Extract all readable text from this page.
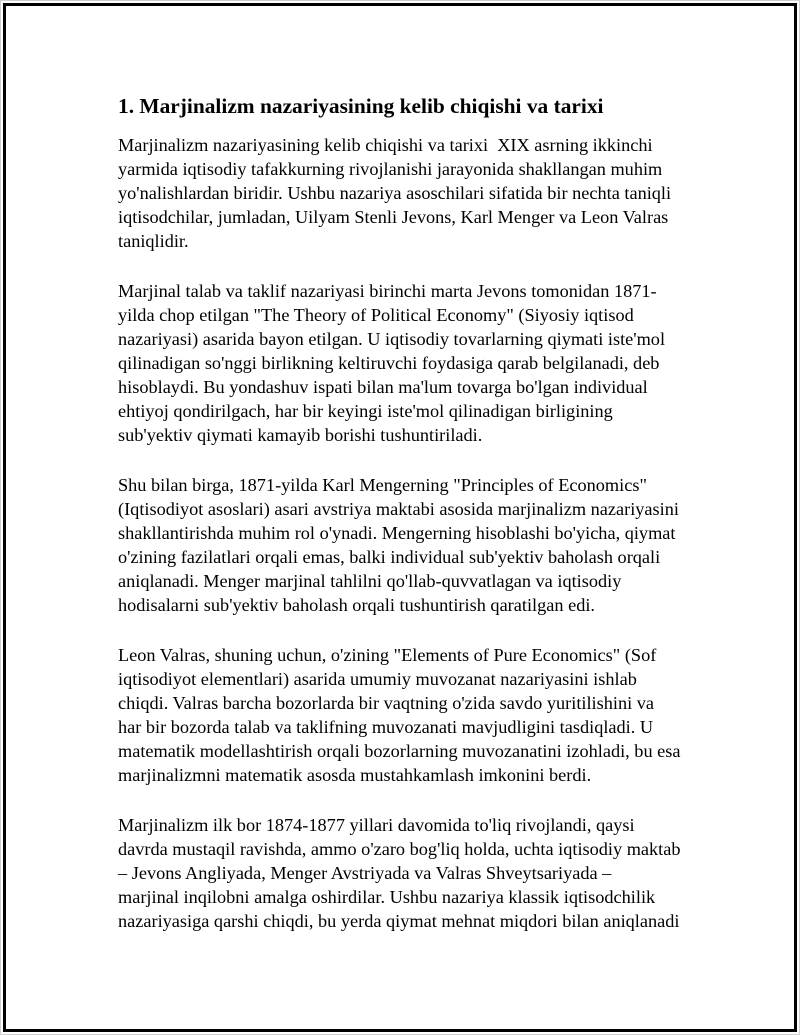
1. Marjinalizm nazariyasining kelib chiqishi va tarixi
Marjinalizm nazariyasining kelib chiqishi va tarixi  XIX asrning ikkinchi
yarmida iqtisodiy tafakkurning rivojlanishi jarayonida shakllangan muhim
yo'nalishlardan biridir. Ushbu nazariya asoschilari sifatida bir nechta taniqli
iqtisodchilar, jumladan, Uilyam Stenli Jevons, Karl Menger va Leon Valras
taniqlidir.
Marjinal talab va taklif nazariyasi birinchi marta Jevons tomonidan 1871-
yilda chop etilgan "The Theory of Political Economy" (Siyosiy iqtisod
nazariyasi) asarida bayon etilgan. U iqtisodiy tovarlarning qiymati iste'mol
qilinadigan so'nggi birlikning keltiruvchi foydasiga qarab belgilanadi, deb
hisoblaydi. Bu yondashuv ispati bilan ma'lum tovarga bo'lgan individual
ehtiyoj qondirilgach, har bir keyingi iste'mol qilinadigan birligining
sub'yektiv qiymati kamayib borishi tushuntiriladi.
Shu bilan birga, 1871-yilda Karl Mengerning "Principles of Economics"
(Iqtisodiyot asoslari) asari avstriya maktabi asosida marjinalizm nazariyasini
shakllantirishda muhim rol o'ynadi. Mengerning hisoblashi bo'yicha, qiymat
o'zining fazilatlari orqali emas, balki individual sub'yektiv baholash orqali
aniqlanadi. Menger marjinal tahlilni qo'llab-quvvatlagan va iqtisodiy
hodisalarni sub'yektiv baholash orqali tushuntirish qaratilgan edi.
Leon Valras, shuning uchun, o'zining "Elements of Pure Economics" (Sof
iqtisodiyot elementlari) asarida umumiy muvozanat nazariyasini ishlab
chiqdi. Valras barcha bozorlarda bir vaqtning o'zida savdo yuritilishini va
har bir bozorda talab va taklifning muvozanati mavjudligini tasdiqladi. U
matematik modellashtirish orqali bozorlarning muvozanatini izohladi, bu esa
marjinalizmni matematik asosda mustahkamlash imkonini berdi.
Marjinalizm ilk bor 1874-1877 yillari davomida to'liq rivojlandi, qaysi
davrda mustaqil ravishda, ammo o'zaro bog'liq holda, uchta iqtisodiy maktab
– Jevons Angliyada, Menger Avstriyada va Valras Shveytsariyada –
marjinal inqilobni amalga oshirdilar. Ushbu nazariya klassik iqtisodchilik
nazariyasiga qarshi chiqdi, bu yerda qiymat mehnat miqdori bilan aniqlanadi
